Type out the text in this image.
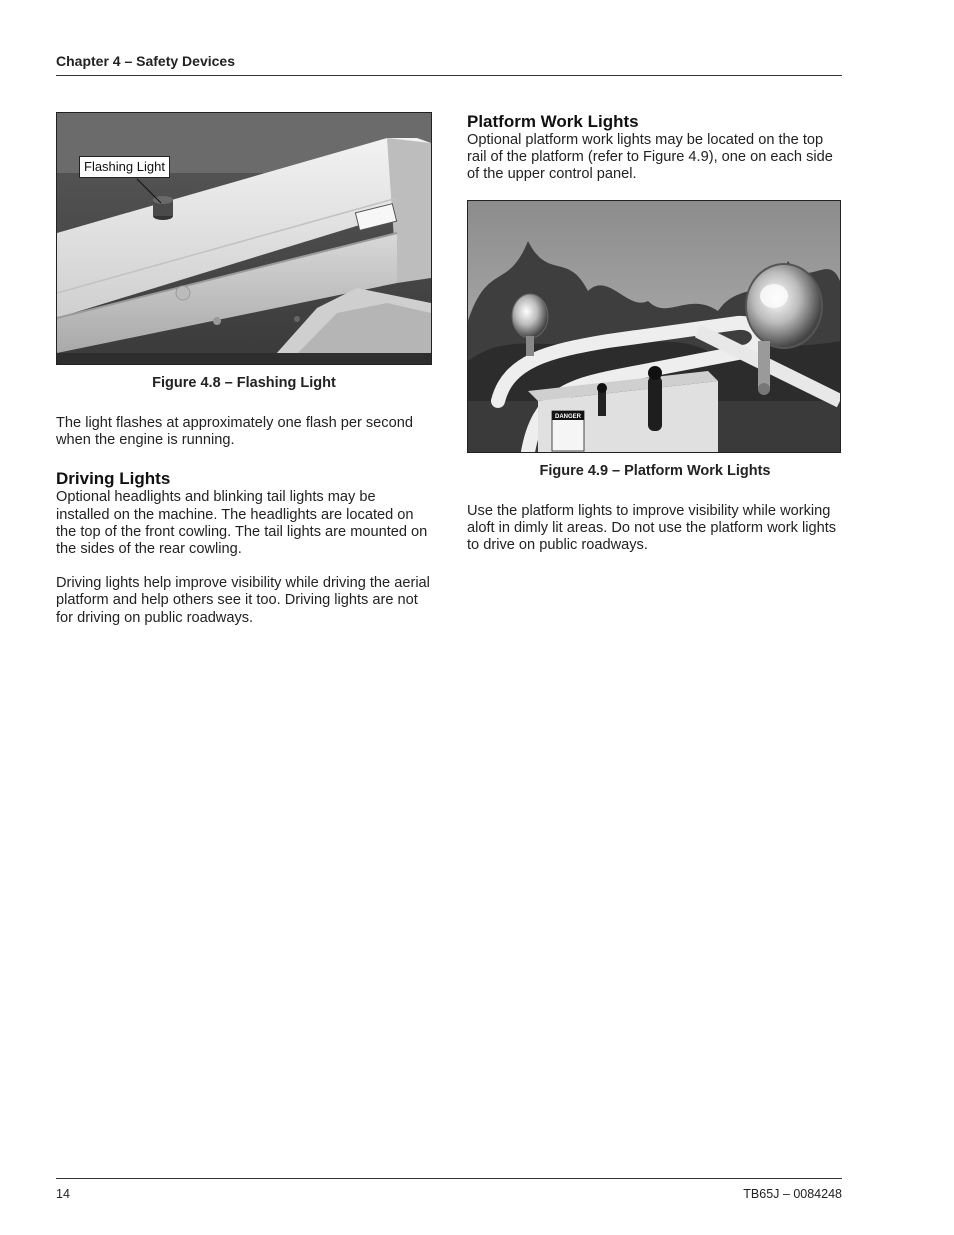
Chapter 4 – Safety Devices
Flashing Light
Figure 4.8 – Flashing Light

The light flashes at approximately one flash per second when the engine is running.

Driving Lights

Optional headlights and blinking tail lights may be installed on the machine. The headlights are located on the top of the front cowling. The tail lights are mounted on the sides of the rear cowling.

Driving lights help improve visibility while driving the aerial platform and help others see it too. Driving lights are not for driving on public roadways.

Platform Work Lights

Optional platform work lights may be located on the top rail of the platform (refer to Figure 4.9), one on each side of the upper control panel.

DANGER
Figure 4.9 – Platform Work Lights

Use the platform lights to improve visibility while working aloft in dimly lit areas. Do not use the platform work lights to drive on public roadways.

14	TB65J – 0084248
